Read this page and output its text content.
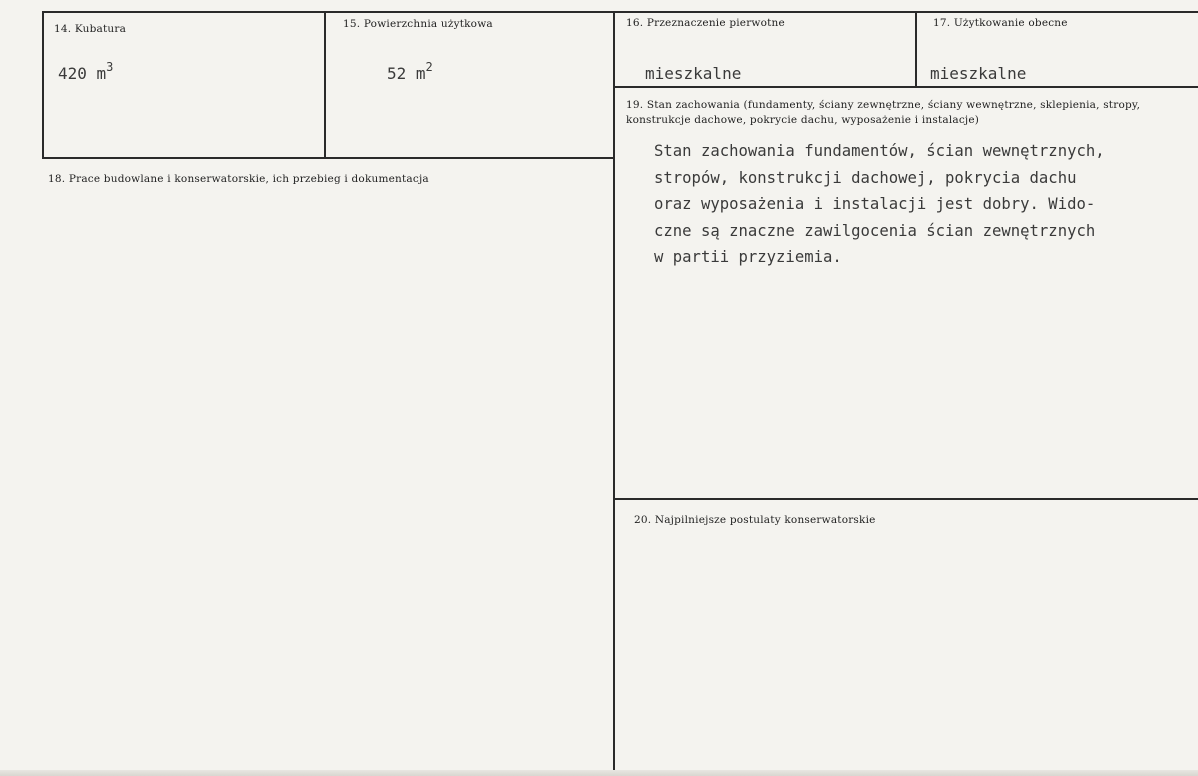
14. Kubatura
420 $m^3$
15. Powierzchnia użytkowa
52 $m^2$
16. Przeznaczenie pierwotne
mieszkalne
17. Użytkowanie obecne
mieszkalne
18. Prace budowlane i konserwatorskie, ich przebieg i dokumentacja
19. Stan zachowania (fundamenty, ściany zewnętrzne, ściany wewnętrzne, sklepienia, stropy, konstrukcje dachowe, pokrycie dachu, wyposażenie i instalacje)
Stan zachowania fundamentów, ścian wewnętrznych,
stropów, konstrukcji dachowej, pokrycia dachu
oraz wyposażenia i instalacji jest dobry. Wido-
czne są znaczne zawilgocenia ścian zewnętrznych
w partii przyziemia.
20. Najpilniejsze postulaty konserwatorskie
